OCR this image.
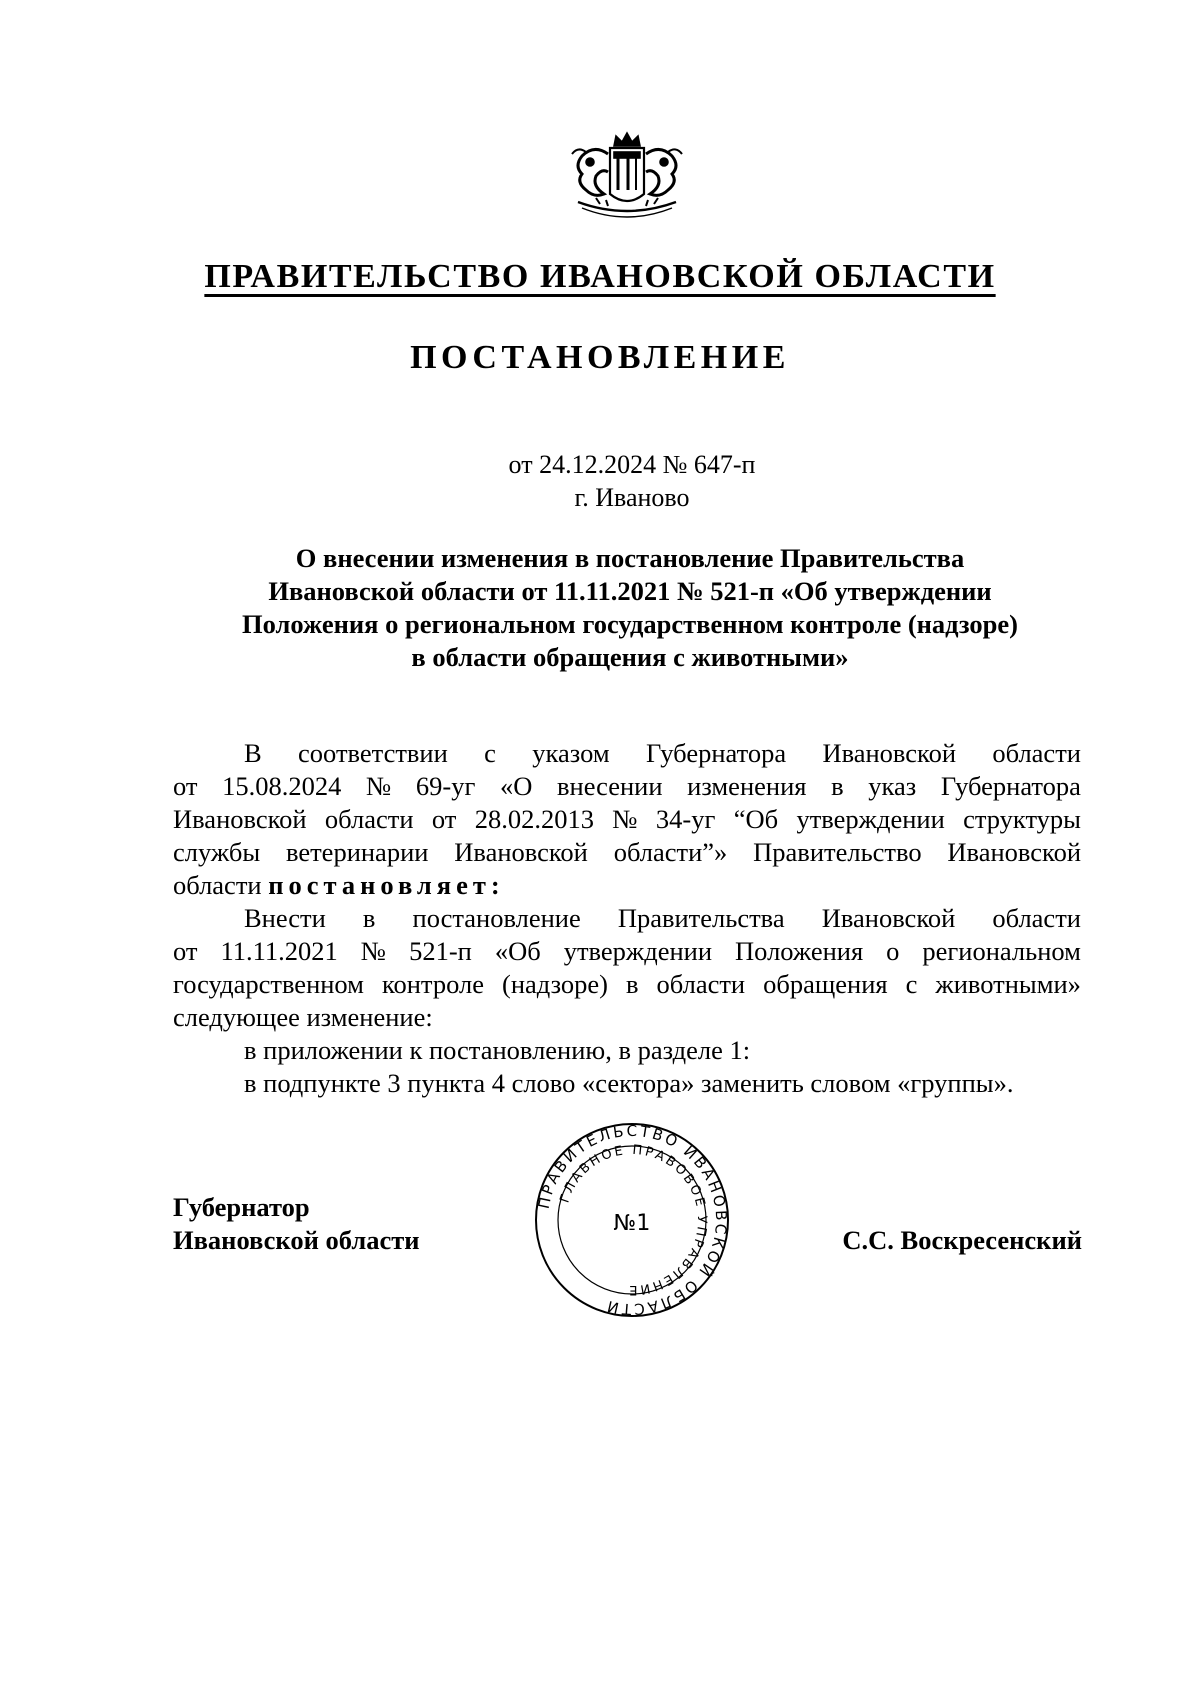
ПРАВИТЕЛЬСТВО ИВАНОВСКОЙ ОБЛАСТИ
ПОСТАНОВЛЕНИЕ
от 24.12.2024 № 647-п
г. Иваново
О внесении изменения в постановление Правительства
Ивановской области от 11.11.2021 № 521-п «Об утверждении
Положения о региональном государственном контроле (надзоре)
в области обращения с животными»
В соответствии с указом Губернатора Ивановской области
от 15.08.2024 № 69-уг «О внесении изменения в указ Губернатора
Ивановской области от 28.02.2013 № 34-уг “Об утверждении структуры
службы ветеринарии Ивановской области”» Правительство Ивановской
области постановляет:
Внести в постановление Правительства Ивановской области
от 11.11.2021 № 521-п «Об утверждении Положения о региональном
государственном контроле (надзоре) в области обращения с животными»
следующее изменение:
в приложении к постановлению, в разделе 1:
в подпункте 3 пункта 4 слово «сектора» заменить словом «группы».
Губернатор
Ивановской области
ПРАВИТЕЛЬСТВО ИВАНОВСКОЙ ОБЛАСТИ
ГЛАВНОЕ ПРАВОВОЕ УПРАВЛЕНИЕ
№1
С.С. Воскресенский
